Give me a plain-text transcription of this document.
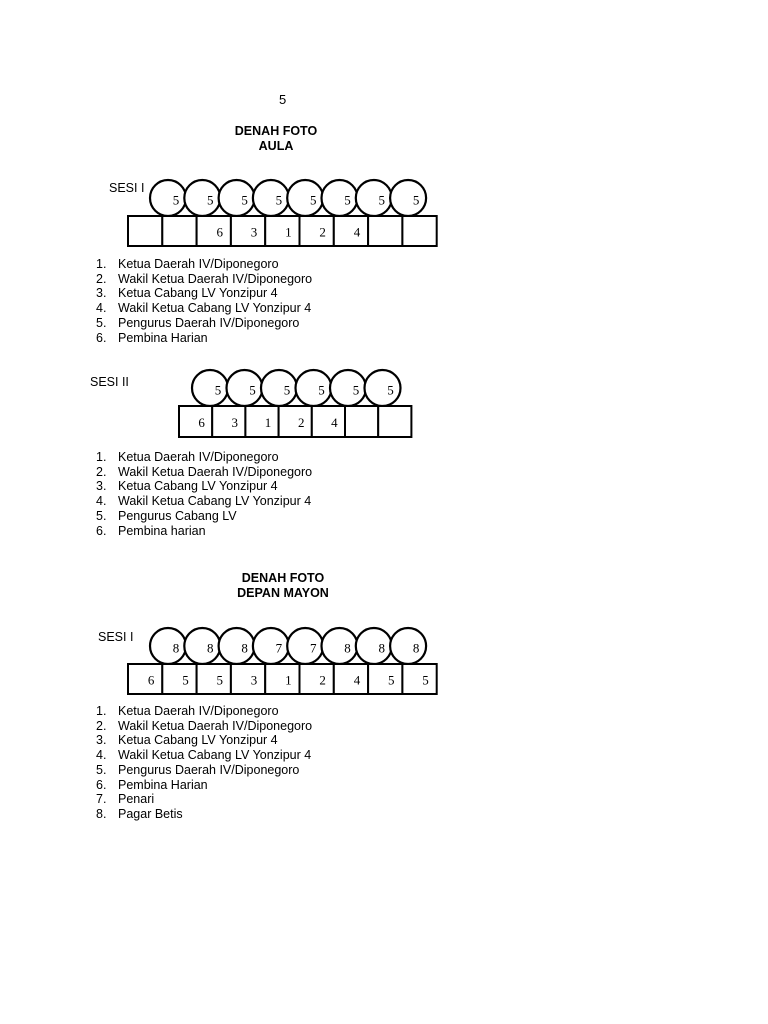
5
DENAH FOTO
AULA
SESI I
5 5 5 5 5 5 5 5
6 3 1 2 4
1. Ketua Daerah IV/Diponegoro
2. Wakil Ketua Daerah IV/Diponegoro
3. Ketua Cabang LV Yonzipur 4
4. Wakil Ketua Cabang LV Yonzipur 4
5. Pengurus Daerah IV/Diponegoro
6. Pembina Harian
SESI II
5 5 5 5 5 5
6 3 1 2 4
1. Ketua Daerah IV/Diponegoro
2. Wakil Ketua Daerah IV/Diponegoro
3. Ketua Cabang LV Yonzipur 4
4. Wakil Ketua Cabang LV Yonzipur 4
5. Pengurus Cabang LV
6. Pembina harian
DENAH FOTO
DEPAN MAYON
SESI I
8 8 8 7 7 8 8 8
6 5 5 3 1 2 4 5 5
1. Ketua Daerah IV/Diponegoro
2. Wakil Ketua Daerah IV/Diponegoro
3. Ketua Cabang LV Yonzipur 4
4. Wakil Ketua Cabang LV Yonzipur 4
5. Pengurus Daerah IV/Diponegoro
6. Pembina Harian
7. Penari
8. Pagar Betis
